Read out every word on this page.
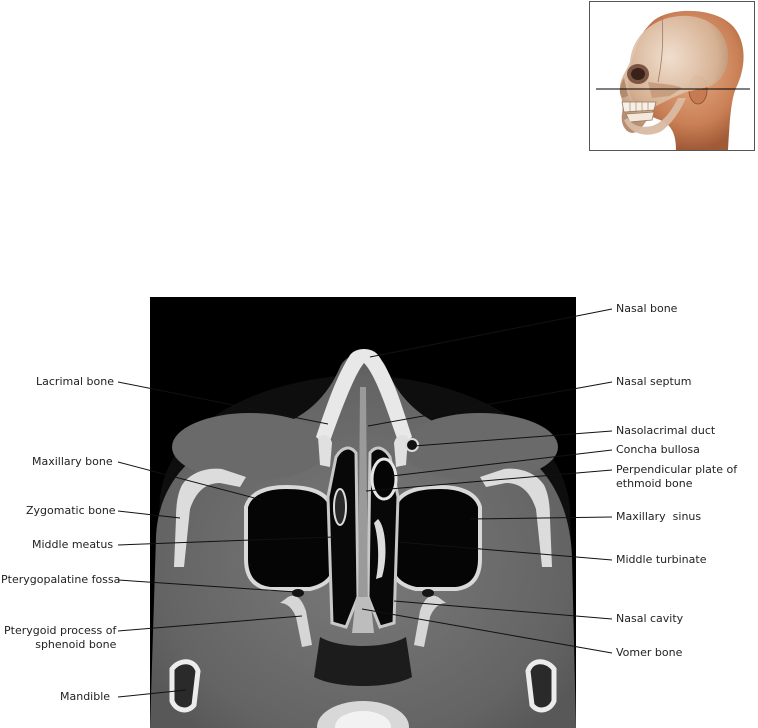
Lacrimal bone
Maxillary bone
Zygomatic bone
Middle meatus
Pterygopalatine fossa
Pterygoid process of
sphenoid bone
Mandible
Nasal bone
Nasal septum
Nasolacrimal duct
Concha bullosa
Perpendicular plate of
ethmoid bone
Maxillary  sinus
Middle turbinate
Nasal cavity
Vomer bone
